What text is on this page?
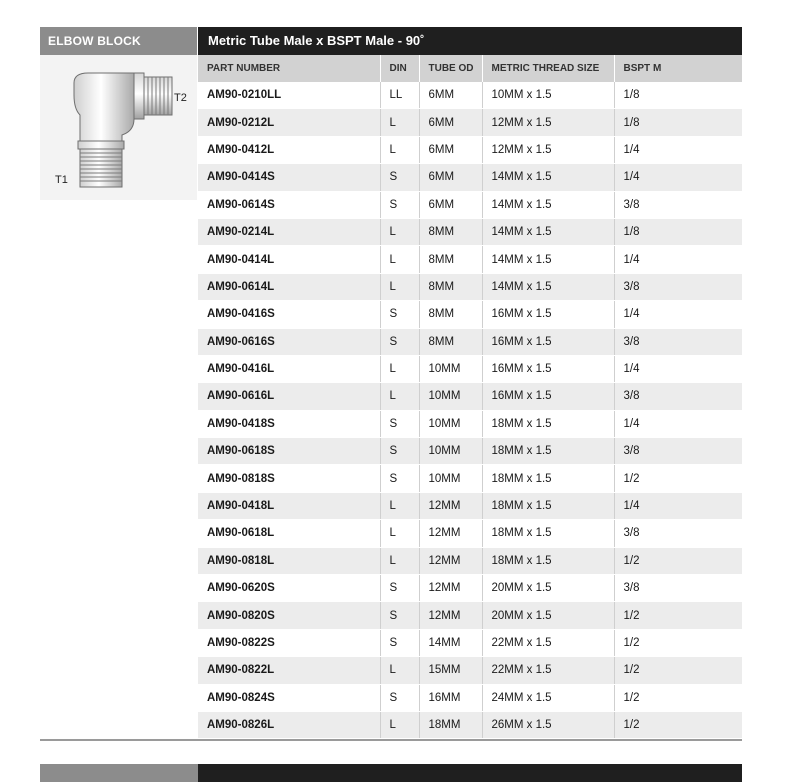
ELBOW BLOCK
T1
T2
Metric Tube Male x BSPT Male - 90˚
PART NUMBER	DIN	TUBE OD	METRIC THREAD SIZE	BSPT M
AM90-0210LL	LL	6MM	10MM x 1.5	1/8
AM90-0212L	L	6MM	12MM x 1.5	1/8
AM90-0412L	L	6MM	12MM x 1.5	1/4
AM90-0414S	S	6MM	14MM x 1.5	1/4
AM90-0614S	S	6MM	14MM x 1.5	3/8
AM90-0214L	L	8MM	14MM x 1.5	1/8
AM90-0414L	L	8MM	14MM x 1.5	1/4
AM90-0614L	L	8MM	14MM x 1.5	3/8
AM90-0416S	S	8MM	16MM x 1.5	1/4
AM90-0616S	S	8MM	16MM x 1.5	3/8
AM90-0416L	L	10MM	16MM x 1.5	1/4
AM90-0616L	L	10MM	16MM x 1.5	3/8
AM90-0418S	S	10MM	18MM x 1.5	1/4
AM90-0618S	S	10MM	18MM x 1.5	3/8
AM90-0818S	S	10MM	18MM x 1.5	1/2
AM90-0418L	L	12MM	18MM x 1.5	1/4
AM90-0618L	L	12MM	18MM x 1.5	3/8
AM90-0818L	L	12MM	18MM x 1.5	1/2
AM90-0620S	S	12MM	20MM x 1.5	3/8
AM90-0820S	S	12MM	20MM x 1.5	1/2
AM90-0822S	S	14MM	22MM x 1.5	1/2
AM90-0822L	L	15MM	22MM x 1.5	1/2
AM90-0824S	S	16MM	24MM x 1.5	1/2
AM90-0826L	L	18MM	26MM x 1.5	1/2
